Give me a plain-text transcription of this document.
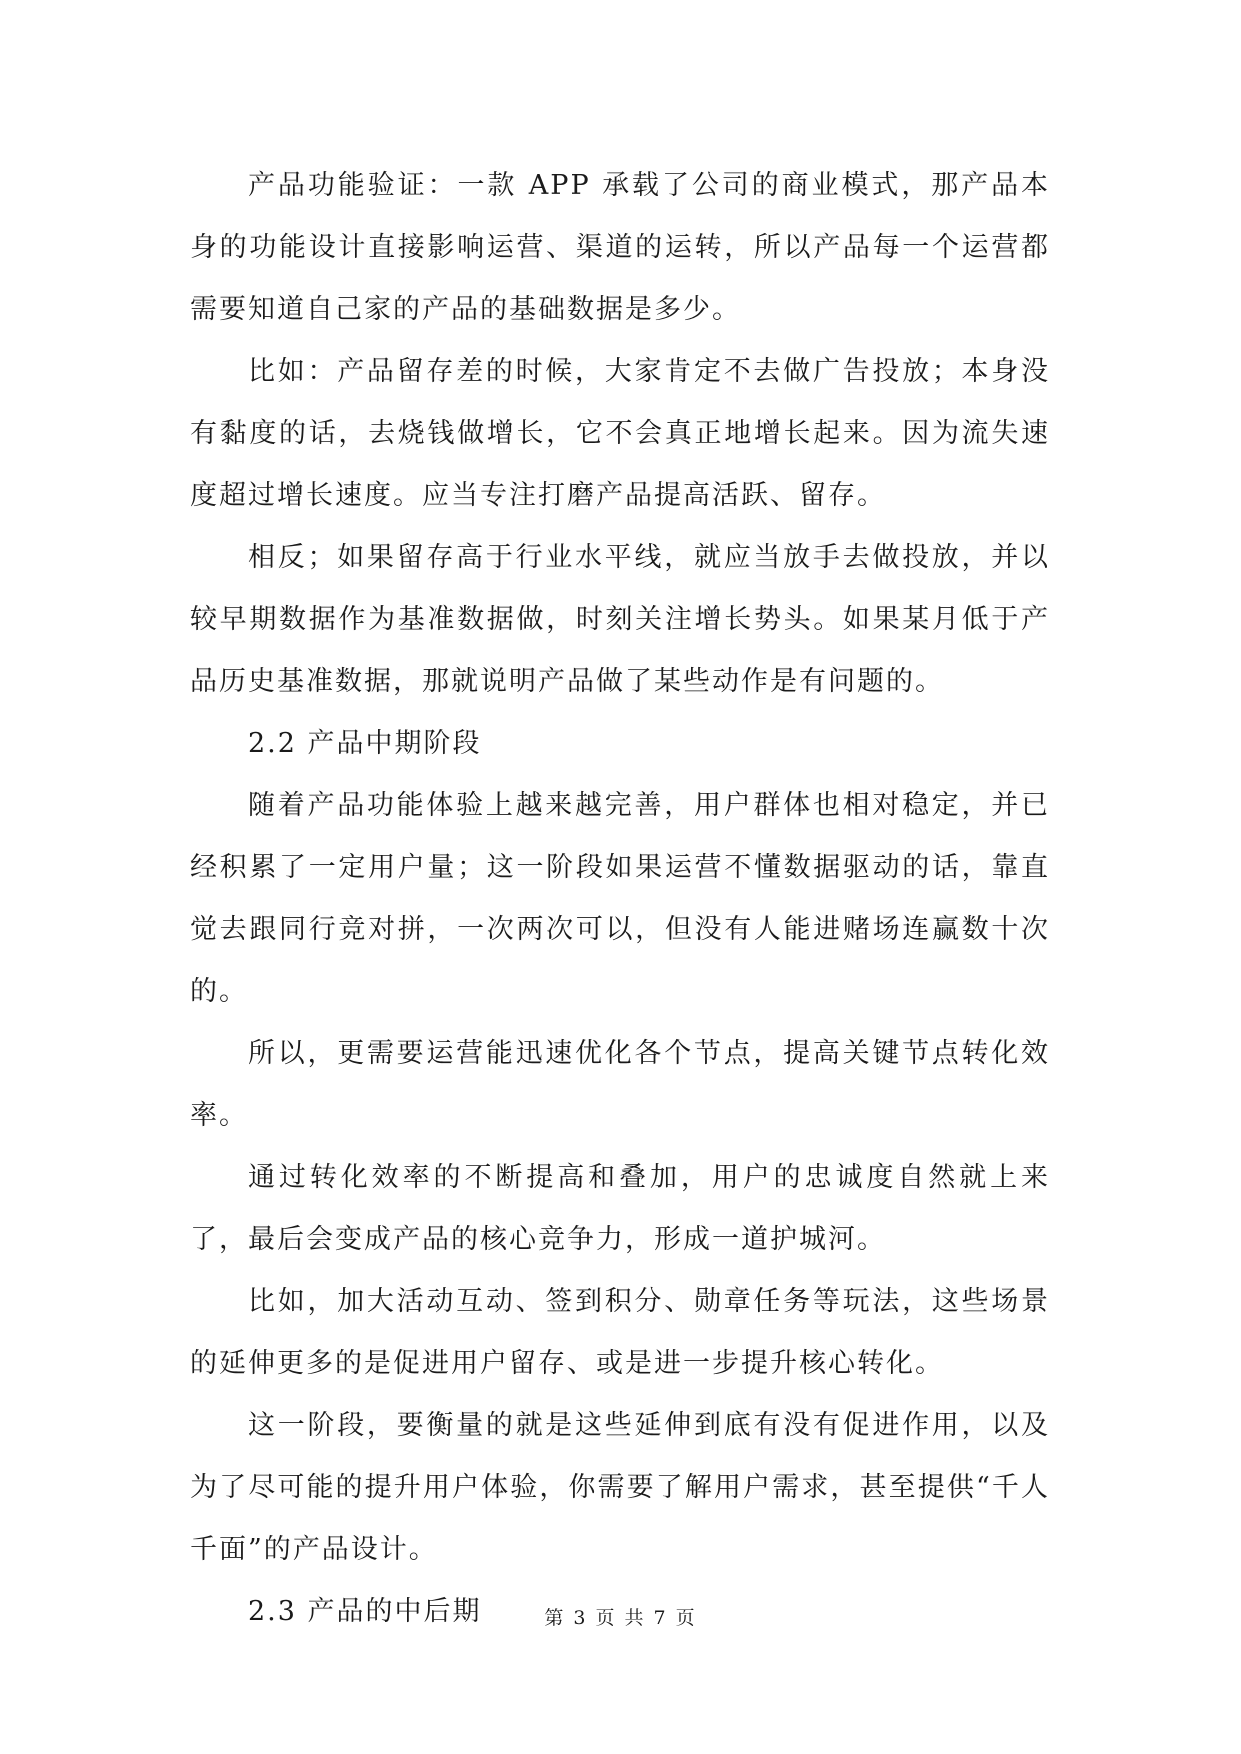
产品功能验证：一款 APP 承载了公司的商业模式，那产品本身的功能设计直接影响运营、渠道的运转，所以产品每一个运营都需要知道自己家的产品的基础数据是多少。

比如：产品留存差的时候，大家肯定不去做广告投放；本身没有黏度的话，去烧钱做增长，它不会真正地增长起来。因为流失速度超过增长速度。应当专注打磨产品提高活跃、留存。

相反；如果留存高于行业水平线，就应当放手去做投放，并以较早期数据作为基准数据做，时刻关注增长势头。如果某月低于产品历史基准数据，那就说明产品做了某些动作是有问题的。

2.2 产品中期阶段

随着产品功能体验上越来越完善，用户群体也相对稳定，并已经积累了一定用户量；这一阶段如果运营不懂数据驱动的话，靠直觉去跟同行竞对拼，一次两次可以，但没有人能进赌场连赢数十次的。

所以，更需要运营能迅速优化各个节点，提高关键节点转化效率。

通过转化效率的不断提高和叠加，用户的忠诚度自然就上来了，最后会变成产品的核心竞争力，形成一道护城河。

比如，加大活动互动、签到积分、勋章任务等玩法，这些场景的延伸更多的是促进用户留存、或是进一步提升核心转化。

这一阶段，要衡量的就是这些延伸到底有没有促进作用，以及为了尽可能的提升用户体验，你需要了解用户需求，甚至提供“千人千面”的产品设计。

2.3 产品的中后期	第 3 页 共 7 页
